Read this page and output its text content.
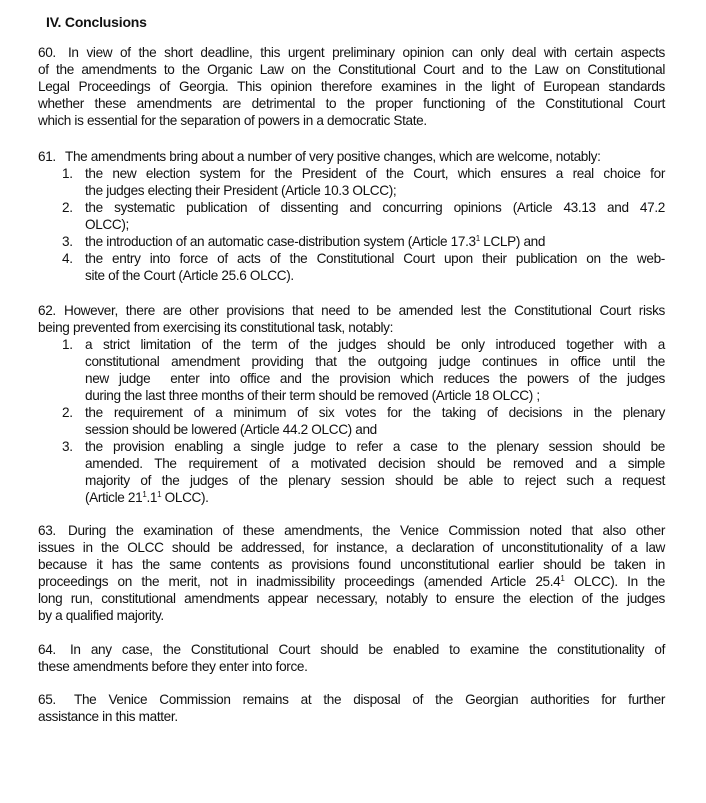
IV. Conclusions
60. In view of the short deadline, this urgent preliminary opinion can only deal with certain aspects
of the amendments to the Organic Law on the Constitutional Court and to the Law on Constitutional
Legal Proceedings of Georgia. This opinion therefore examines in the light of European standards
whether these amendments are detrimental to the proper functioning of the Constitutional Court
which is essential for the separation of powers in a democratic State.
61. The amendments bring about a number of very positive changes, which are welcome, notably:
1. the new election system for the President of the Court, which ensures a real choice for
the judges electing their President (Article 10.3 OLCC);
2. the systematic publication of dissenting and concurring opinions (Article 43.13 and 47.2
OLCC);
3. the introduction of an automatic case-distribution system (Article 17.3$^1$ LCLP) and
4. the entry into force of acts of the Constitutional Court upon their publication on the web-
site of the Court (Article 25.6 OLCC).
62. However, there are other provisions that need to be amended lest the Constitutional Court risks
being prevented from exercising its constitutional task, notably:
1. a strict limitation of the term of the judges should be only introduced together with a
constitutional amendment providing that the outgoing judge continues in office until the
new judge  enter into office and the provision which reduces the powers of the judges
during the last three months of their term should be removed (Article 18 OLCC) ;
2. the requirement of a minimum of six votes for the taking of decisions in the plenary
session should be lowered (Article 44.2 OLCC) and
3. the provision enabling a single judge to refer a case to the plenary session should be
amended. The requirement of a motivated decision should be removed and a simple
majority of the judges of the plenary session should be able to reject such a request
(Article $21^1.1^1$ OLCC).
63. During the examination of these amendments, the Venice Commission noted that also other
issues in the OLCC should be addressed, for instance, a declaration of unconstitutionality of a law
because it has the same contents as provisions found unconstitutional earlier should be taken in
proceedings on the merit, not in inadmissibility proceedings (amended Article 25.4$^1$ OLCC). In the
long run, constitutional amendments appear necessary, notably to ensure the election of the judges
by a qualified majority.
64. In any case, the Constitutional Court should be enabled to examine the constitutionality of
these amendments before they enter into force.
65. The Venice Commission remains at the disposal of the Georgian authorities for further
assistance in this matter.
